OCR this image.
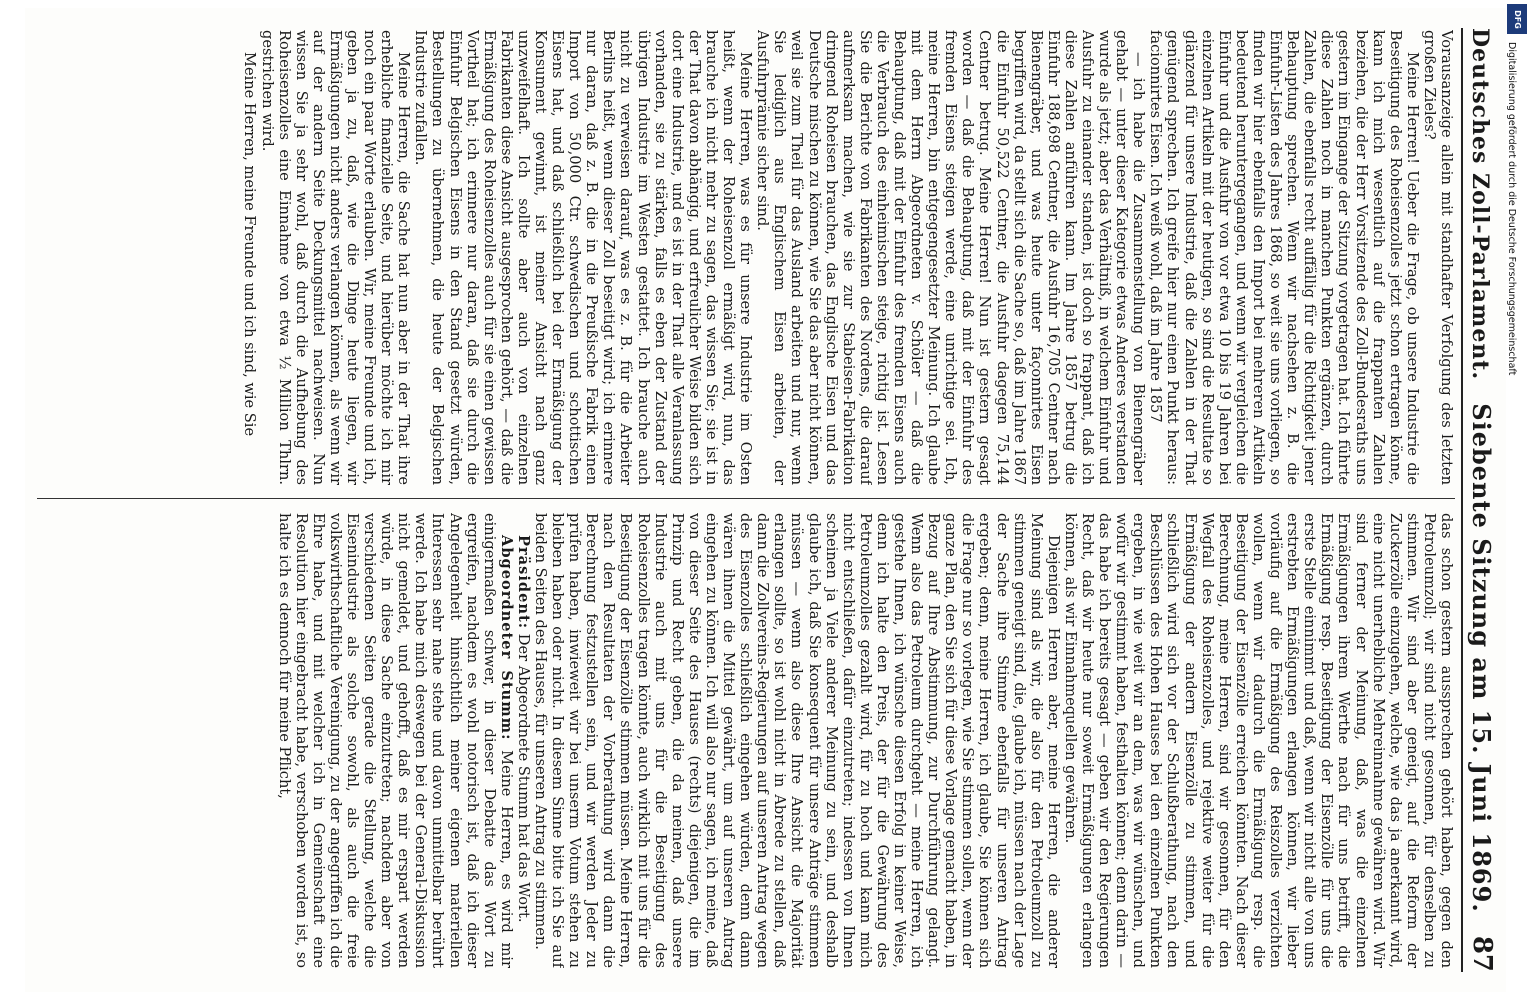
Deutsches Zoll-Parlament.
Siebente Sitzung am 15. Juni 1869.
87

Vorausanzeige allein mit standhafter Verfolgung des letzten großen Zieles?

Meine Herren! Ueber die Frage, ob unsere Industrie die Beseitigung des Roheisenzolles jetzt schon ertragen könne, kann ich mich wesentlich auf die frappanten Zahlen beziehen, die der Herr Vorsitzende des Zoll-Bundesraths uns gestern im Eingange der Sitzung vorgetragen hat. Ich führte diese Zahlen noch in manchen Punkten ergänzen, durch Zahlen, die ebenfalls recht auffällig für die Richtigkeit jener Behauptung sprechen. Wenn wir nachsehen z. B. die Einfuhr-Listen des Jahres 1868, so weit sie uns vorliegen, so finden wir hier ebenfalls den Import bei mehreren Artikeln bedeutend heruntergegangen, und wenn wir vergleichen die Einfuhr und die Ausfuhr von vor etwa 10 bis 19 Jahren bei einzelnen Artikeln mit der heutigen, so sind die Resultate so glänzend für unsere Industrie, daß die Zahlen in der That genügend sprechen. Ich greife hier nur einen Punkt heraus: facionnirtes Eisen. Ich weiß wohl, daß im Jahre 1857

— ich habe die Zusammenstellung von Bienengräber gehabt — unter dieser Kategorie etwas Anderes verstanden wurde als jetzt; aber das Verhältniß, in welchem Einfuhr und Ausfuhr zu einander standen, ist doch so frappant, daß ich diese Zahlen anführen kann. Im Jahre 1857 betrug die Einfuhr 188,698 Centner, die Ausfuhr 16,705 Centner nach Bienengräber, und was heute unter façonnirtes Eisen begriffen wird, da stellt sich die Sache so, daß im Jahre 1867 die Einfuhr 50,522 Centner, die Ausfuhr dagegen 75,144 Centner betrug. Meine Herren! Nun ist gestern gesagt worden — daß die Behauptung, daß mit der Einfuhr des fremden Eisens steigen werde, eine unrichtige sei. Ich, meine Herren, bin entgegengesetzter Meinung. Ich glaube mit dem Herrn Abgeordneten v. Schöler — daß die Behauptung, daß mit der Einfuhr des fremden Eisens auch die Verbrauch des einheimischen steige, richtig ist. Lesen Sie die Berichte von Fabrikanten des Nordens, die darauf aufmerksam machen, wie sie zur Stabeisen-Fabrikation dringend Roheisen brauchen, das Englische Eisen und das Deutsche mischen zu können, wie Sie das aber nicht können, weil sie zum Theil für das Ausland arbeiten und nur, wenn Sie lediglich aus Englischem Eisen arbeiten, der Ausfuhrprämie sicher sind.

Meine Herren, was es für unsere Industrie im Osten heißt, wenn der Roheisenzoll ermäßigt wird, nun, das brauche ich nicht mehr zu sagen, das wissen Sie; sie ist in der That davon abhängig, und erfreulicher Weise bilden sich dort eine Industrie, und es ist in der That alle Veranlassung vorhanden, sie zu stärken, falls es eben der Zustand der übrigen Industrie im Westen gestattet. Ich brauche auch nicht zu verweisen darauf, was es z. B. für die Arbeiter Berlins heißt, wenn dieser Zoll beseitigt wird; ich erinnere nur daran, daß z. B. die in die Preußische Fabrik einen Import von 50,000 Ctr. schwedischen und schottischen Eisens hat, und daß schließlich bei der Ermäßigung der Konsument gewinnt, ist meiner Ansicht nach ganz unzweifelhaft. Ich sollte aber auch von einzelnen Fabrikanten diese Ansicht ausgesprochen gehört, — daß die Ermäßigung des Roheisenzolles auch für sie einen gewissen Vortheil hat; ich erinnere nur daran, daß sie durch die Einfuhr Belgischen Eisens in den Stand gesetzt würden, Bestellungen zu übernehmen, die heute der Belgischen Industrie zufallen.

Meine Herren, die Sache hat nun aber in der That ihre erhebliche finanzielle Seite, und hierüber möchte ich mir noch ein paar Worte erlauben. Wir, meine Freunde und ich, geben ja zu, daß, wie die Dinge heute liegen, wir Ermäßigungen nicht anders verlangen können, als wenn wir auf der andern Seite Deckungsmittel nachweisen. Nun wissen Sie ja sehr wohl, daß durch die Aufhebung des Roheisenzolles eine Einnahme von etwa ½ Million Thlrn. gestrichen wird.

Meine Herren, meine Freunde und ich sind, wie Sie

das schon gestern aussprechen gehört haben, gegen den Petroleumzoll; wir sind nicht gesonnen, für denselben zu stimmen. Wir sind aber geneigt, auf die Reform der Zuckerzölle einzugehen, welche, wie das ja anerkannt wird, eine nicht unerhebliche Mehreinnahme gewähren wird. Wir sind ferner der Meinung, daß, was die einzelnen Ermäßigungen ihrem Werthe nach für uns betrifft, die Ermäßigung resp. Beseitigung der Eisenzölle für uns die erste Stelle einnimmt und daß, wenn wir nicht alle von uns erstrebten Ermäßigungen erlangen können, wir lieber vorläufig auf die Ermäßigung des Reiszolles verzichten wollen, wenn wir dadurch die Ermäßigung resp. die Beseitigung der Eisenzölle erreichen könnten. Nach dieser Berechnung, meine Herren, sind wir gesonnen, für den Wegfall des Roheisenzolles, und rejektive weiter für die Ermäßigung der andern Eisenzölle zu stimmen, und schließlich wird sich vor der Schlußberathung, nach den Beschlüssen des Hohen Hauses bei den einzelnen Punkten ergeben, in wie weit wir an dem, was wir wünschen, und wofür wir gestimmt haben, festhalten können; denn darin — das habe ich bereits gesagt — geben wir den Regierungen Recht, daß wir heute nur soweit Ermäßigungen erlangen können, als wir Einnahmequellen gewähren.

Diejenigen Herren aber, meine Herren, die anderer Meinung sind als wir, die also für den Petroleumzoll zu stimmen geneigt sind, die, glaube ich, müssen nach der Lage der Sache ihre Stimme ebenfalls für unseren Antrag ergeben; denn, meine Herren, ich glaube, Sie können sich die Frage nur so vorlegen, wie Sie stimmen sollen, wenn der ganze Plan, den Sie sich für diese Vorlage gemacht haben, in Bezug auf Ihre Abstimmung, zur Durchführung gelangt. Wenn also das Petroleum durchgeht — meine Herren, ich gestehe Ihnen, ich wünsche diesen Erfolg in keiner Weise, denn ich halte den Preis, der für die Gewährung des Petroleumzolles gezahlt wird, für zu hoch und kann mich nicht entschließen, dafür einzutreten; indessen von Ihnen scheinen ja Viele anderer Meinung zu sein, und deshalb glaube ich, daß Sie konsequent für unsere Anträge stimmen müssen — wenn also diese Ihre Ansicht die Majorität erlangen sollte, so ist wohl nicht in Abrede zu stellen, daß dann die Zollvereins-Regierungen auf unseren Antrag wegen des Eisenzolles schließlich eingehen würden, denn dann wären ihnen die Mittel gewährt, um auf unseren Antrag eingehen zu können. Ich will also nur sagen, ich meine, daß von dieser Seite des Hauses (rechts) diejenigen, die im Prinzip und Recht geben, die da meinen, daß unsere Industrie auch mit uns für die Beseitigung des Roheisenzolles tragen könnte, auch wirklich mit uns für die Beseitigung der Eisenzölle stimmen müssen. Meine Herren, nach den Resultaten der Vorberathung wird dann die Berechnung festzustellen sein, und wir werden Jeder zu prüfen haben, inwieweit wir bei unserm Votum stehen zu bleiben haben oder nicht. In diesem Sinne bitte ich Sie auf beiden Seiten des Hauses, für unseren Antrag zu stimmen.

Präsident: Der Abgeordnete Stumm hat das Wort.

Abgeordneter Stumm: Meine Herren, es wird mir einigermaßen schwer, in dieser Debatte das Wort zu ergreifen, nachdem es wohl notorisch ist, daß ich dieser Angelegenheit hinsichtlich meiner eigenen materiellen Interessen sehr nahe stehe und davon unmittelbar berührt werde. Ich habe mich deswegen bei der General-Diskussion nicht gemeldet, und gehofft, daß es mir erspart werden würde, in diese Sache einzutreten; nachdem aber von verschiedenen Seiten gerade die Stellung, welche die Eisenindustrie als solche sowohl, als auch die freie volkswirthschaftliche Vereinigung, zu der angegriffen ich die Ehre habe, und mit welcher ich in Gemeinschaft eine Resolution hier eingebracht habe, verschoben worden ist, so halte ich es dennoch für meine Pflicht,

DFG
Digitalisierung gefördert durch die Deutsche Forschungsgemeinschaft
